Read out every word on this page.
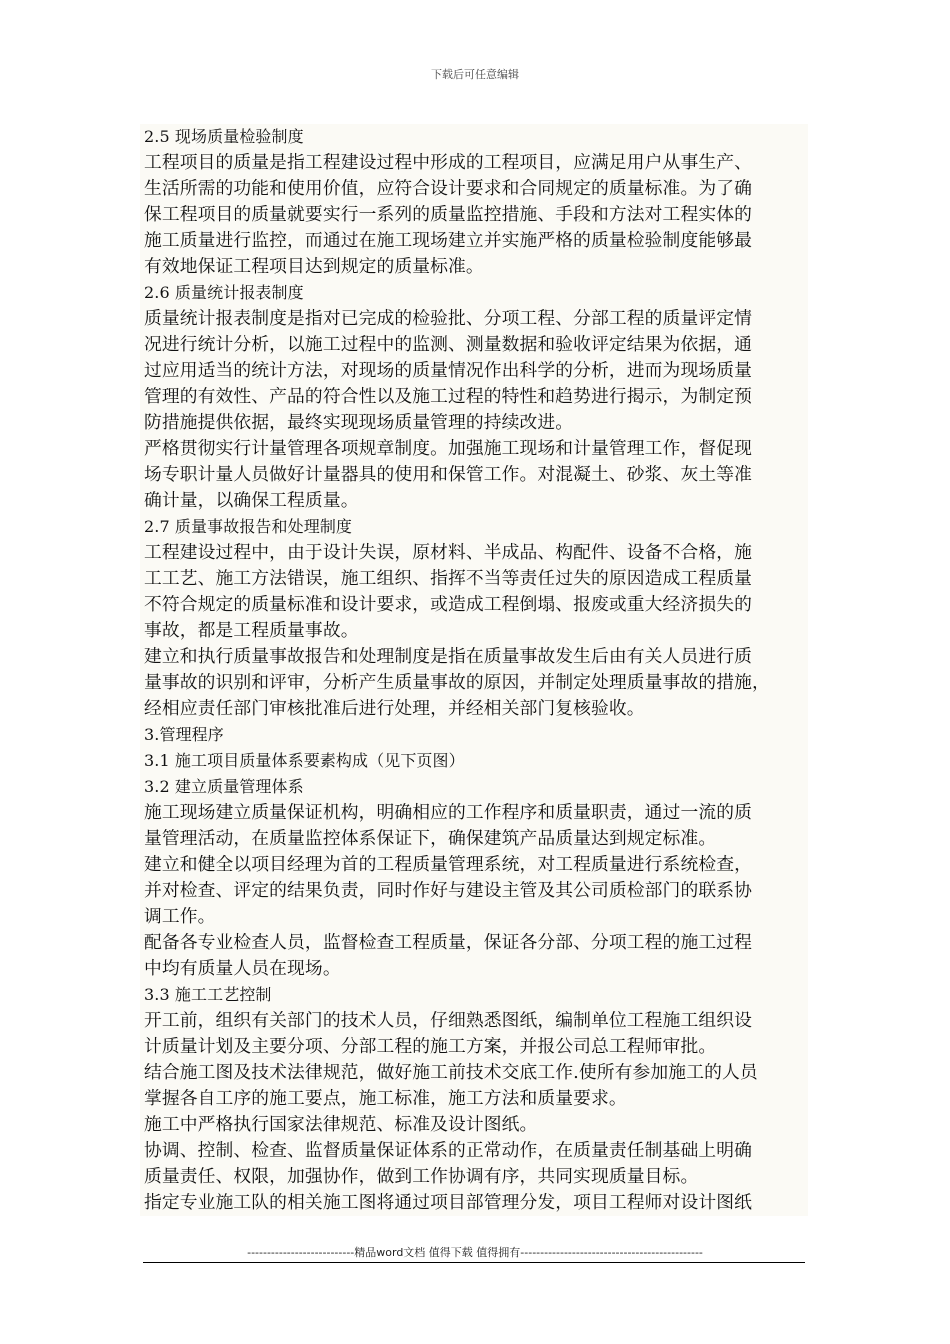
下载后可任意编辑
2.5 现场质量检验制度
工程项目的质量是指工程建设过程中形成的工程项目，应满足用户从事生产、
生活所需的功能和使用价值，应符合设计要求和合同规定的质量标准。为了确
保工程项目的质量就要实行一系列的质量监控措施、手段和方法对工程实体的
施工质量进行监控，而通过在施工现场建立并实施严格的质量检验制度能够最
有效地保证工程项目达到规定的质量标准。
2.6 质量统计报表制度
质量统计报表制度是指对已完成的检验批、分项工程、分部工程的质量评定情
况进行统计分析，以施工过程中的监测、测量数据和验收评定结果为依据，通
过应用适当的统计方法，对现场的质量情况作出科学的分析，进而为现场质量
管理的有效性、产品的符合性以及施工过程的特性和趋势进行揭示，为制定预
防措施提供依据，最终实现现场质量管理的持续改进。
严格贯彻实行计量管理各项规章制度。加强施工现场和计量管理工作，督促现
场专职计量人员做好计量器具的使用和保管工作。对混凝土、砂浆、灰土等准
确计量，以确保工程质量。
2.7 质量事故报告和处理制度
工程建设过程中，由于设计失误，原材料、半成品、构配件、设备不合格，施
工工艺、施工方法错误，施工组织、指挥不当等责任过失的原因造成工程质量
不符合规定的质量标准和设计要求，或造成工程倒塌、报废或重大经济损失的
事故，都是工程质量事故。
建立和执行质量事故报告和处理制度是指在质量事故发生后由有关人员进行质
量事故的识别和评审，分析产生质量事故的原因，并制定处理质量事故的措施，
经相应责任部门审核批准后进行处理，并经相关部门复核验收。
3.管理程序
3.1 施工项目质量体系要素构成（见下页图）
3.2 建立质量管理体系
施工现场建立质量保证机构，明确相应的工作程序和质量职责，通过一流的质
量管理活动，在质量监控体系保证下，确保建筑产品质量达到规定标准。
建立和健全以项目经理为首的工程质量管理系统，对工程质量进行系统检查，
并对检查、评定的结果负责，同时作好与建设主管及其公司质检部门的联系协
调工作。
配备各专业检查人员，监督检查工程质量，保证各分部、分项工程的施工过程
中均有质量人员在现场。
3.3 施工工艺控制
开工前，组织有关部门的技术人员，仔细熟悉图纸，编制单位工程施工组织设
计质量计划及主要分项、分部工程的施工方案，并报公司总工程师审批。
结合施工图及技术法律规范，做好施工前技术交底工作.使所有参加施工的人员
掌握各自工序的施工要点，施工标准，施工方法和质量要求。
施工中严格执行国家法律规范、标准及设计图纸。
协调、控制、检查、监督质量保证体系的正常动作，在质量责任制基础上明确
质量责任、权限，加强协作，做到工作协调有序，共同实现质量目标。
指定专业施工队的相关施工图将通过项目部管理分发，项目工程师对设计图纸
---------------------------精品word文档 值得下载 值得拥有----------------------------------------------
